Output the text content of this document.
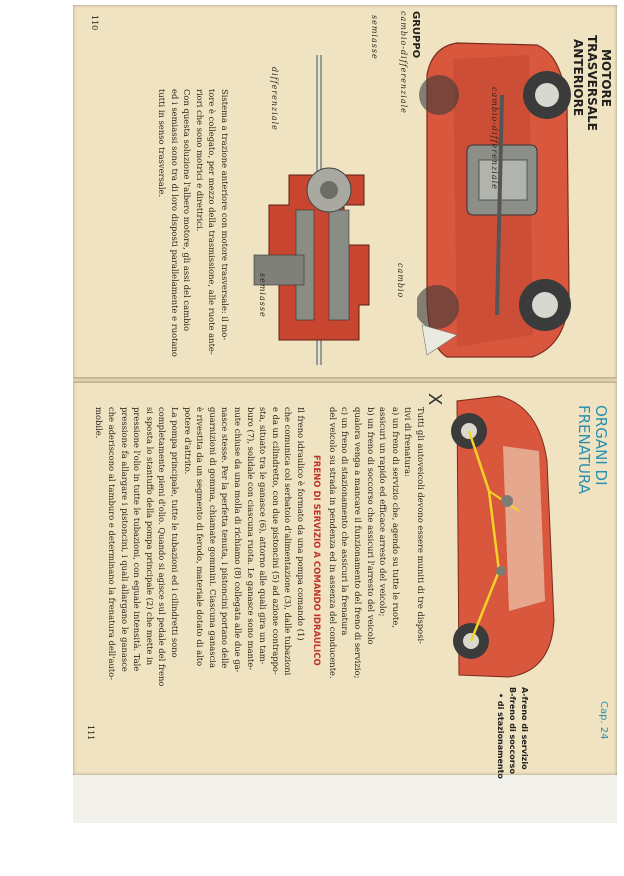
MOTORE
TRASVERSALE
ANTERIORE
cambio-differenziale
GRUPPO
cambio-differenziale
semiasse
differenziale
cambio
semiasse
Sistema a trazione anteriore con motore trasversale: il mo-
tore è collegato, per mezzo della trasmissione, alle ruote ante-
riori che sono motrici e direttrici.
Con questa soluzione l'albero motore, gli assi del cambio
ed i semiassi sono tra di loro disposti parallelamente e ruotano
tutti in senso trasversale.
110
ORGANI DI
FRENATURA
Cap. 24
A-freno di servizio
B-freno di soccorso
• di stazionamento
X
Tutti gli autoveicoli devono essere muniti di tre disposi-
tivi di frenatura:
a) un freno di servizio che, agendo su tutte le ruote,
assicuri un rapido ed efficace arresto del veicolo;
b) un freno di soccorso che assicuri l'arresto del veicolo
qualora venga a mancare il funzionamento del freno di servizio;
c) un freno di stazionamento che assicuri la frenatura
del veicolo su strada in pendenza ed in assenza del conducente.
FRENO DI SERVIZIO A COMANDO IDRAULICO
Il freno idraulico è formato da una pompa comando (1)
che comunica col serbatoio d'alimentazione (3), dalle tubazioni
e da un cilindretto, con due pistoncini (5) ad azione contrappo-
sta, situato tra le ganasce (6), attorno alle quali gira un tam-
buro (7), solidale con ciascuna ruota. Le ganasce sono mante-
nute chiuse da una molla di richiamo (8) collegata alle due ga-
nasce stesse. Per la perfetta tenuta, i pistoncini portano delle
guarnizioni di gomma, chiamate gommini. Ciascuna ganascia
è rivestita da un segmento di ferodo, materiale dotato di alto
potere d'attrito.
La pompa principale, tutte le tubazioni ed i cilindretti sono
completamente pieni d'olio. Quando si agisce sul pedale del freno
si sposta lo stantuffo della pompa principale (2) che mette in
pressione l'olio in tutte le tubazioni, con eguale intensità. Tale
pressione fa allargare i pistoncini, i quali allargano le ganasce
che aderiscono al tamburo e determinano la frenatura dell'auto-
mobile.
111
